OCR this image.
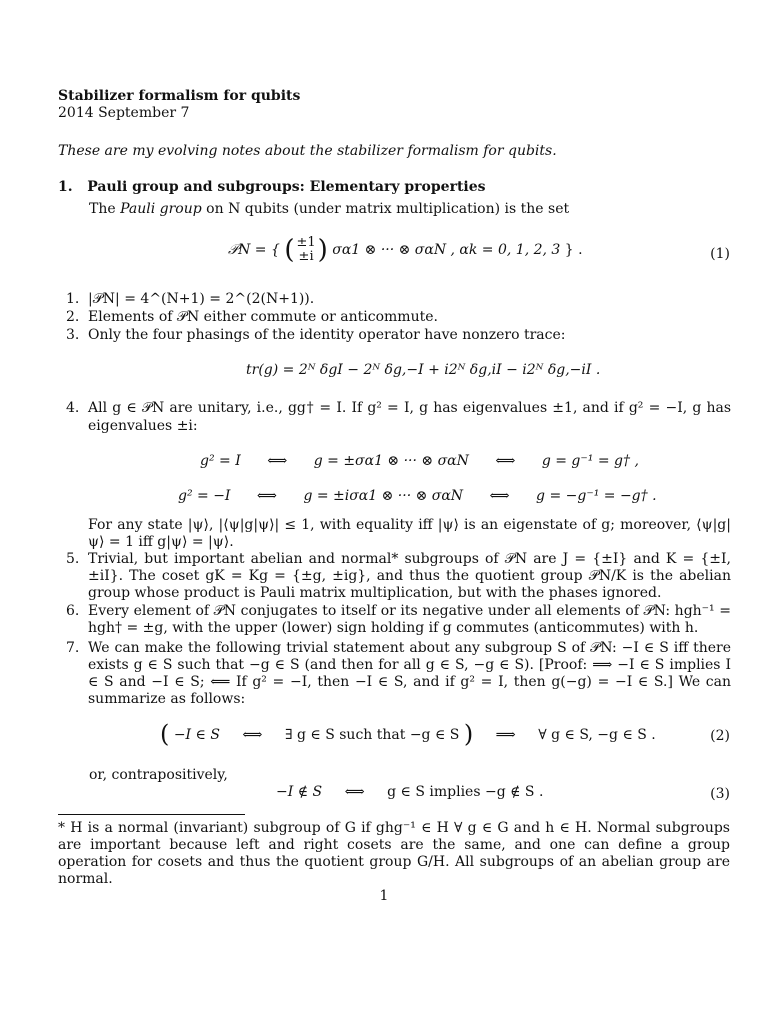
Stabilizer formalism for qubits
2014 September 7
These are my evolving notes about the stabilizer formalism for qubits.
1. Pauli group and subgroups: Elementary properties
The Pauli group on N qubits (under matrix multiplication) is the set
𝒫N = { ( ±1
±i ) σα1 ⊗ ··· ⊗ σαN , αk = 0, 1, 2, 3 } .	(1)
1. |𝒫N| = 4^(N+1) = 2^(2(N+1)).
2. Elements of 𝒫N either commute or anticommute.
3. Only the four phasings of the identity operator have nonzero trace:
tr(g) = 2ᴺ δgI − 2ᴺ δg,−I + i2ᴺ δg,iI − i2ᴺ δg,−iI .
4. All g ∈ 𝒫N are unitary, i.e., gg† = I. If g² = I, g has eigenvalues ±1, and if g² = −I, g has eigenvalues ±i:
g² = I ⟺ g = ±σα1 ⊗ ··· ⊗ σαN ⟺ g = g⁻¹ = g† ,
g² = −I ⟺ g = ±iσα1 ⊗ ··· ⊗ σαN ⟺ g = −g⁻¹ = −g† .
For any state |ψ⟩, |⟨ψ|g|ψ⟩| ≤ 1, with equality iff |ψ⟩ is an eigenstate of g; moreover, ⟨ψ|g|ψ⟩ = 1 iff g|ψ⟩ = |ψ⟩.
5. Trivial, but important abelian and normal* subgroups of 𝒫N are J = {±I} and K = {±I, ±iI}. The coset gK = Kg = {±g, ±ig}, and thus the quotient group 𝒫N/K is the abelian group whose product is Pauli matrix multiplication, but with the phases ignored.
6. Every element of 𝒫N conjugates to itself or its negative under all elements of 𝒫N: hgh⁻¹ = hgh† = ±g, with the upper (lower) sign holding if g commutes (anticommutes) with h.
7. We can make the following trivial statement about any subgroup S of 𝒫N: −I ∈ S iff there exists g ∈ S such that −g ∈ S (and then for all g ∈ S, −g ∈ S). [Proof: ⟹ −I ∈ S implies I ∈ S and −I ∈ S; ⟸ If g² = −I, then −I ∈ S, and if g² = I, then g(−g) = −I ∈ S.] We can summarize as follows:
( −I ∈ S ⟺ ∃ g ∈ S such that −g ∈ S ) ⟹ ∀ g ∈ S, −g ∈ S .	(2)
or, contrapositively,
−I ∉ S ⟺ g ∈ S implies −g ∉ S .	(3)
* H is a normal (invariant) subgroup of G if ghg⁻¹ ∈ H ∀ g ∈ G and h ∈ H. Normal subgroups are important because left and right cosets are the same, and one can define a group operation for cosets and thus the quotient group G/H. All subgroups of an abelian group are normal.
1
